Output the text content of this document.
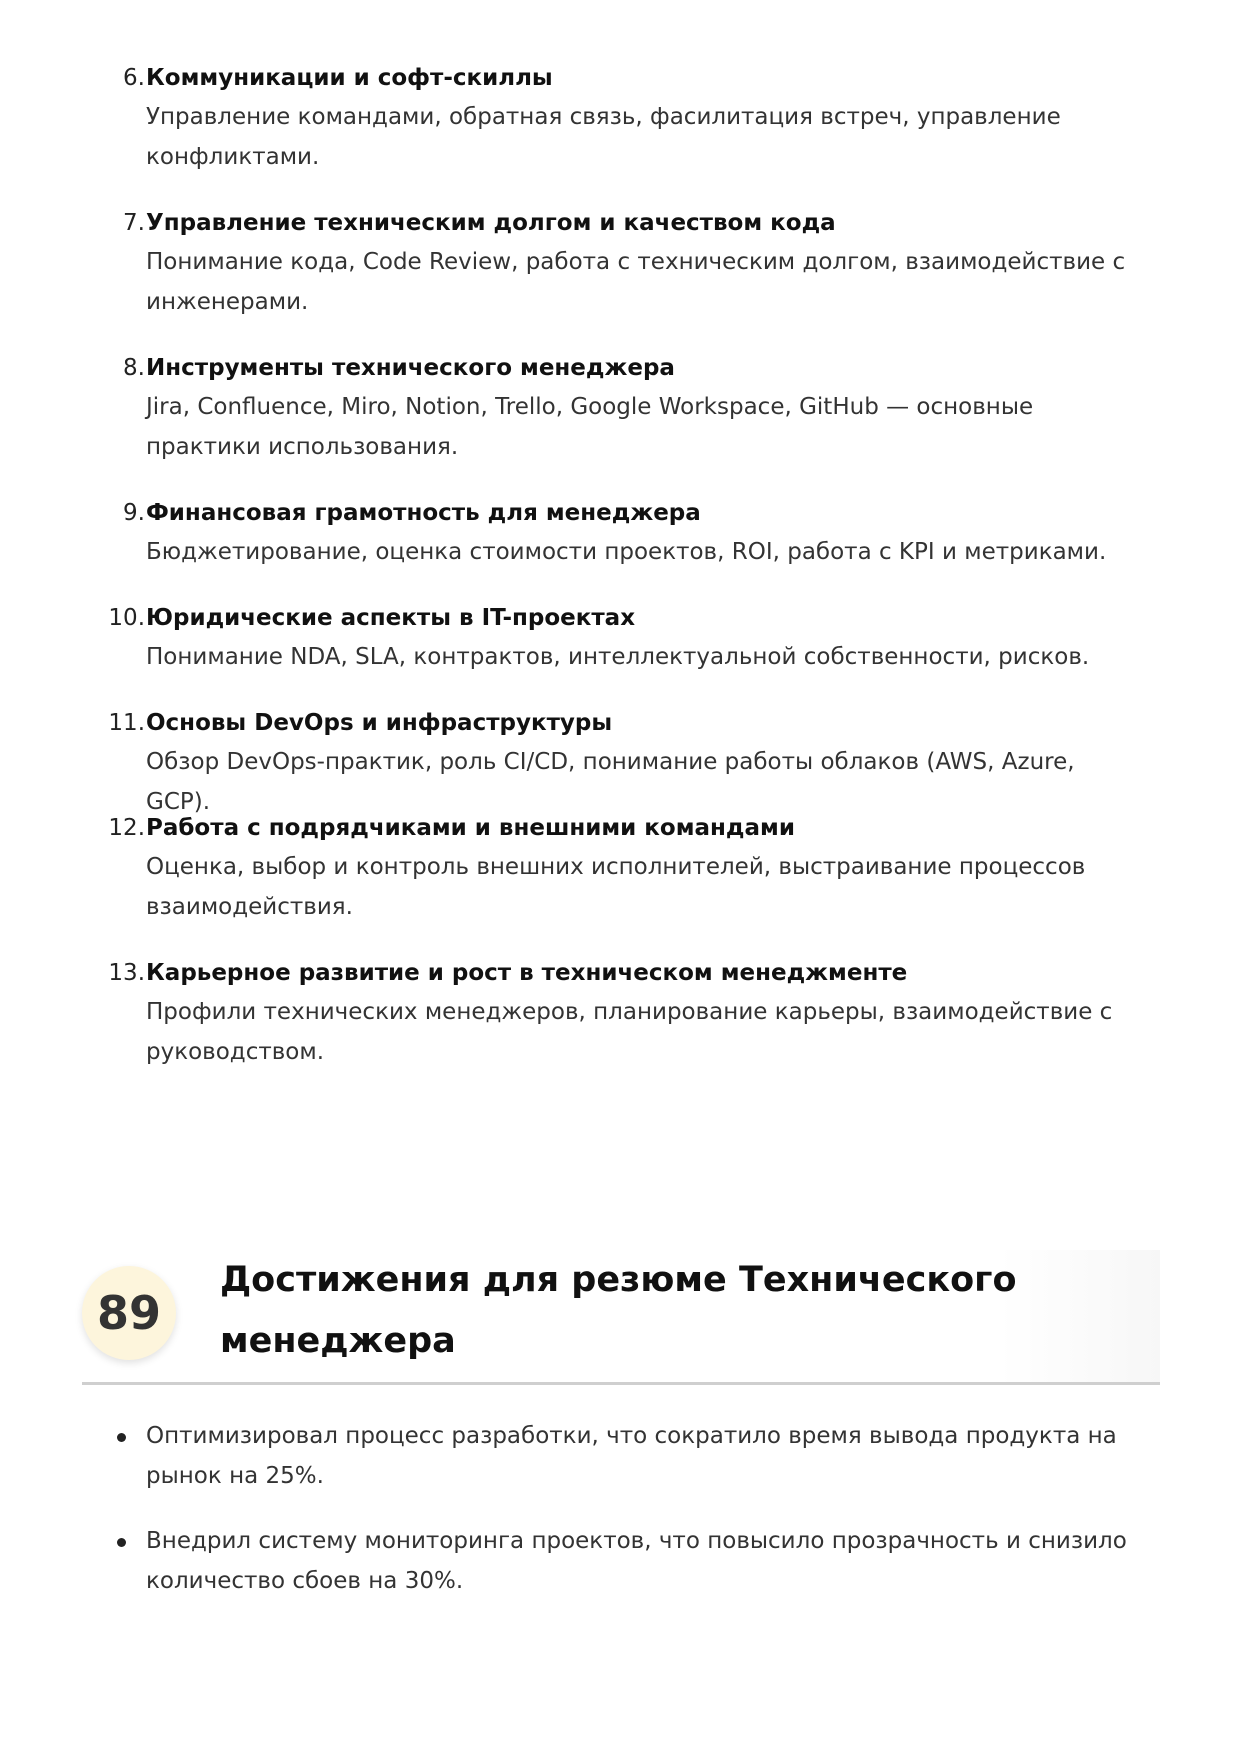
6. Коммуникации и софт-скиллы
Управление командами, обратная связь, фасилитация встреч, управление конфликтами.
7. Управление техническим долгом и качеством кода
Понимание кода, Code Review, работа с техническим долгом, взаимодействие с инженерами.
8. Инструменты технического менеджера
Jira, Confluence, Miro, Notion, Trello, Google Workspace, GitHub — основные практики использования.
9. Финансовая грамотность для менеджера
Бюджетирование, оценка стоимости проектов, ROI, работа с KPI и метриками.
10. Юридические аспекты в IT-проектах
Понимание NDA, SLA, контрактов, интеллектуальной собственности, рисков.
11. Основы DevOps и инфраструктуры
Обзор DevOps-практик, роль CI/CD, понимание работы облаков (AWS, Azure, GCP).
12. Работа с подрядчиками и внешними командами
Оценка, выбор и контроль внешних исполнителей, выстраивание процессов взаимодействия.
13. Карьерное развитие и рост в техническом менеджменте
Профили технических менеджеров, планирование карьеры, взаимодействие с руководством.
89
Достижения для резюме Технического менеджера
Оптимизировал процесс разработки, что сократило время вывода продукта на рынок на 25%.
Внедрил систему мониторинга проектов, что повысило прозрачность и снизило количество сбоев на 30%.
